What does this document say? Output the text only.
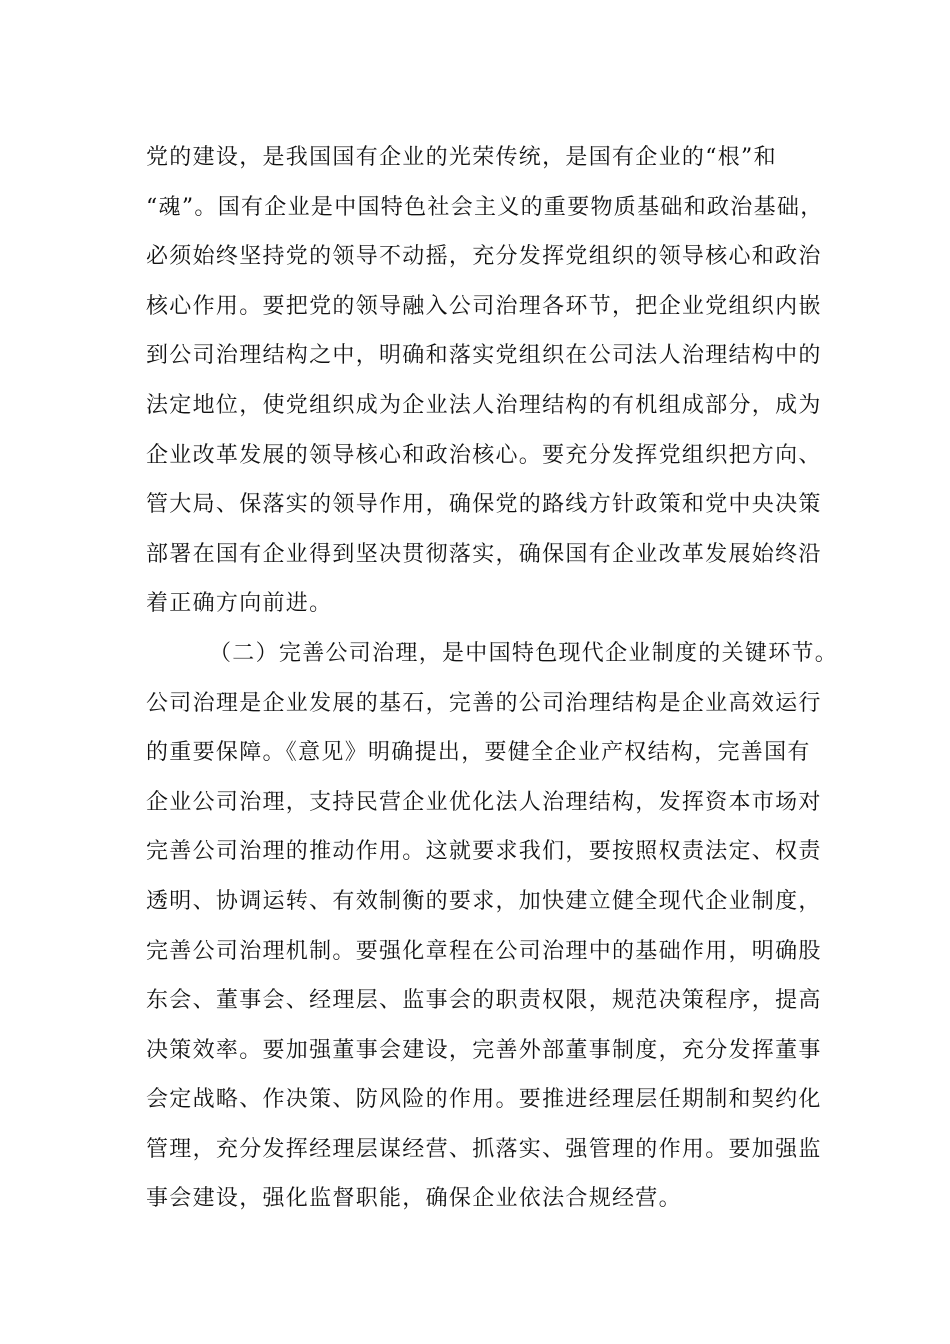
党的建设，是我国国有企业的光荣传统，是国有企业的“根”和
“魂”。国有企业是中国特色社会主义的重要物质基础和政治基础，
必须始终坚持党的领导不动摇，充分发挥党组织的领导核心和政治
核心作用。要把党的领导融入公司治理各环节，把企业党组织内嵌
到公司治理结构之中，明确和落实党组织在公司法人治理结构中的
法定地位，使党组织成为企业法人治理结构的有机组成部分，成为
企业改革发展的领导核心和政治核心。要充分发挥党组织把方向、
管大局、保落实的领导作用，确保党的路线方针政策和党中央决策
部署在国有企业得到坚决贯彻落实，确保国有企业改革发展始终沿
着正确方向前进。
（二）完善公司治理，是中国特色现代企业制度的关键环节。
公司治理是企业发展的基石，完善的公司治理结构是企业高效运行
的重要保障。《意见》明确提出，要健全企业产权结构，完善国有
企业公司治理，支持民营企业优化法人治理结构，发挥资本市场对
完善公司治理的推动作用。这就要求我们，要按照权责法定、权责
透明、协调运转、有效制衡的要求，加快建立健全现代企业制度，
完善公司治理机制。要强化章程在公司治理中的基础作用，明确股
东会、董事会、经理层、监事会的职责权限，规范决策程序，提高
决策效率。要加强董事会建设，完善外部董事制度，充分发挥董事
会定战略、作决策、防风险的作用。要推进经理层任期制和契约化
管理，充分发挥经理层谋经营、抓落实、强管理的作用。要加强监
事会建设，强化监督职能，确保企业依法合规经营。
